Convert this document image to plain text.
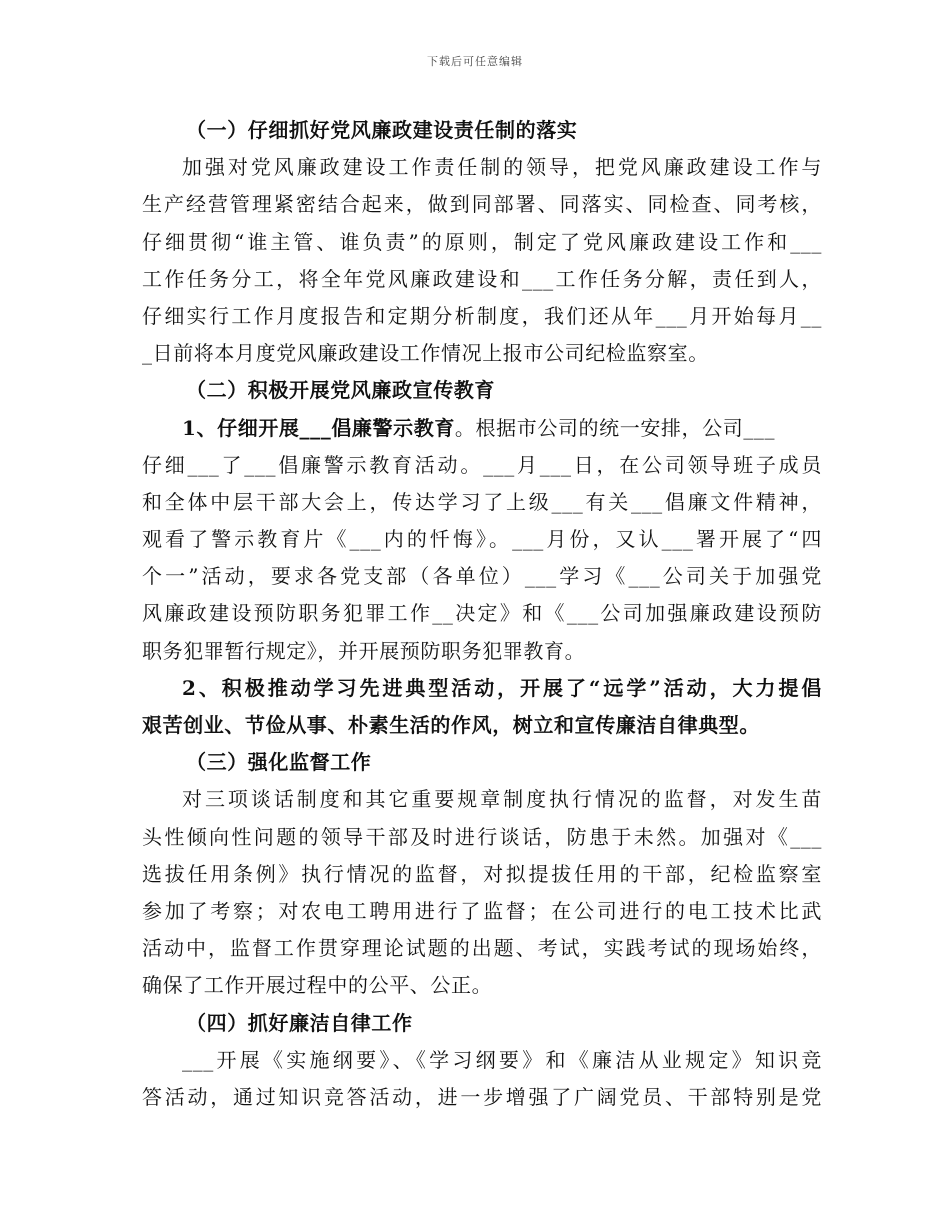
下载后可任意编辑
（一）仔细抓好党风廉政建设责任制的落实
加强对党风廉政建设工作责任制的领导，把党风廉政建设工作与
生产经营管理紧密结合起来，做到同部署、同落实、同检查、同考核，
仔细贯彻“谁主管、谁负责”的原则，制定了党风廉政建设工作和___
工作任务分工，将全年党风廉政建设和___工作任务分解，责任到人，
仔细实行工作月度报告和定期分析制度，我们还从年___月开始每月__
_日前将本月度党风廉政建设工作情况上报市公司纪检监察室。
（二）积极开展党风廉政宣传教育
1、仔细开展___倡廉警示教育。根据市公司的统一安排，公司___
仔细___了___倡廉警示教育活动。___月___日，在公司领导班子成员
和全体中层干部大会上，传达学习了上级___有关___倡廉文件精神，
观看了警示教育片《___内的忏悔》。___月份，又认___署开展了“四
个一”活动，要求各党支部（各单位）___学习《___公司关于加强党
风廉政建设预防职务犯罪工作__决定》和《___公司加强廉政建设预防
职务犯罪暂行规定》，并开展预防职务犯罪教育。
2、积极推动学习先进典型活动，开展了“远学”活动，大力提倡
艰苦创业、节俭从事、朴素生活的作风，树立和宣传廉洁自律典型。
（三）强化监督工作
对三项谈话制度和其它重要规章制度执行情况的监督，对发生苗
头性倾向性问题的领导干部及时进行谈话，防患于未然。加强对《___
选拔任用条例》执行情况的监督，对拟提拔任用的干部，纪检监察室
参加了考察；对农电工聘用进行了监督；在公司进行的电工技术比武
活动中，监督工作贯穿理论试题的出题、考试，实践考试的现场始终，
确保了工作开展过程中的公平、公正。
（四）抓好廉洁自律工作
___开展《实施纲要》、《学习纲要》和《廉洁从业规定》知识竞
答活动，通过知识竞答活动，进一步增强了广阔党员、干部特别是党
